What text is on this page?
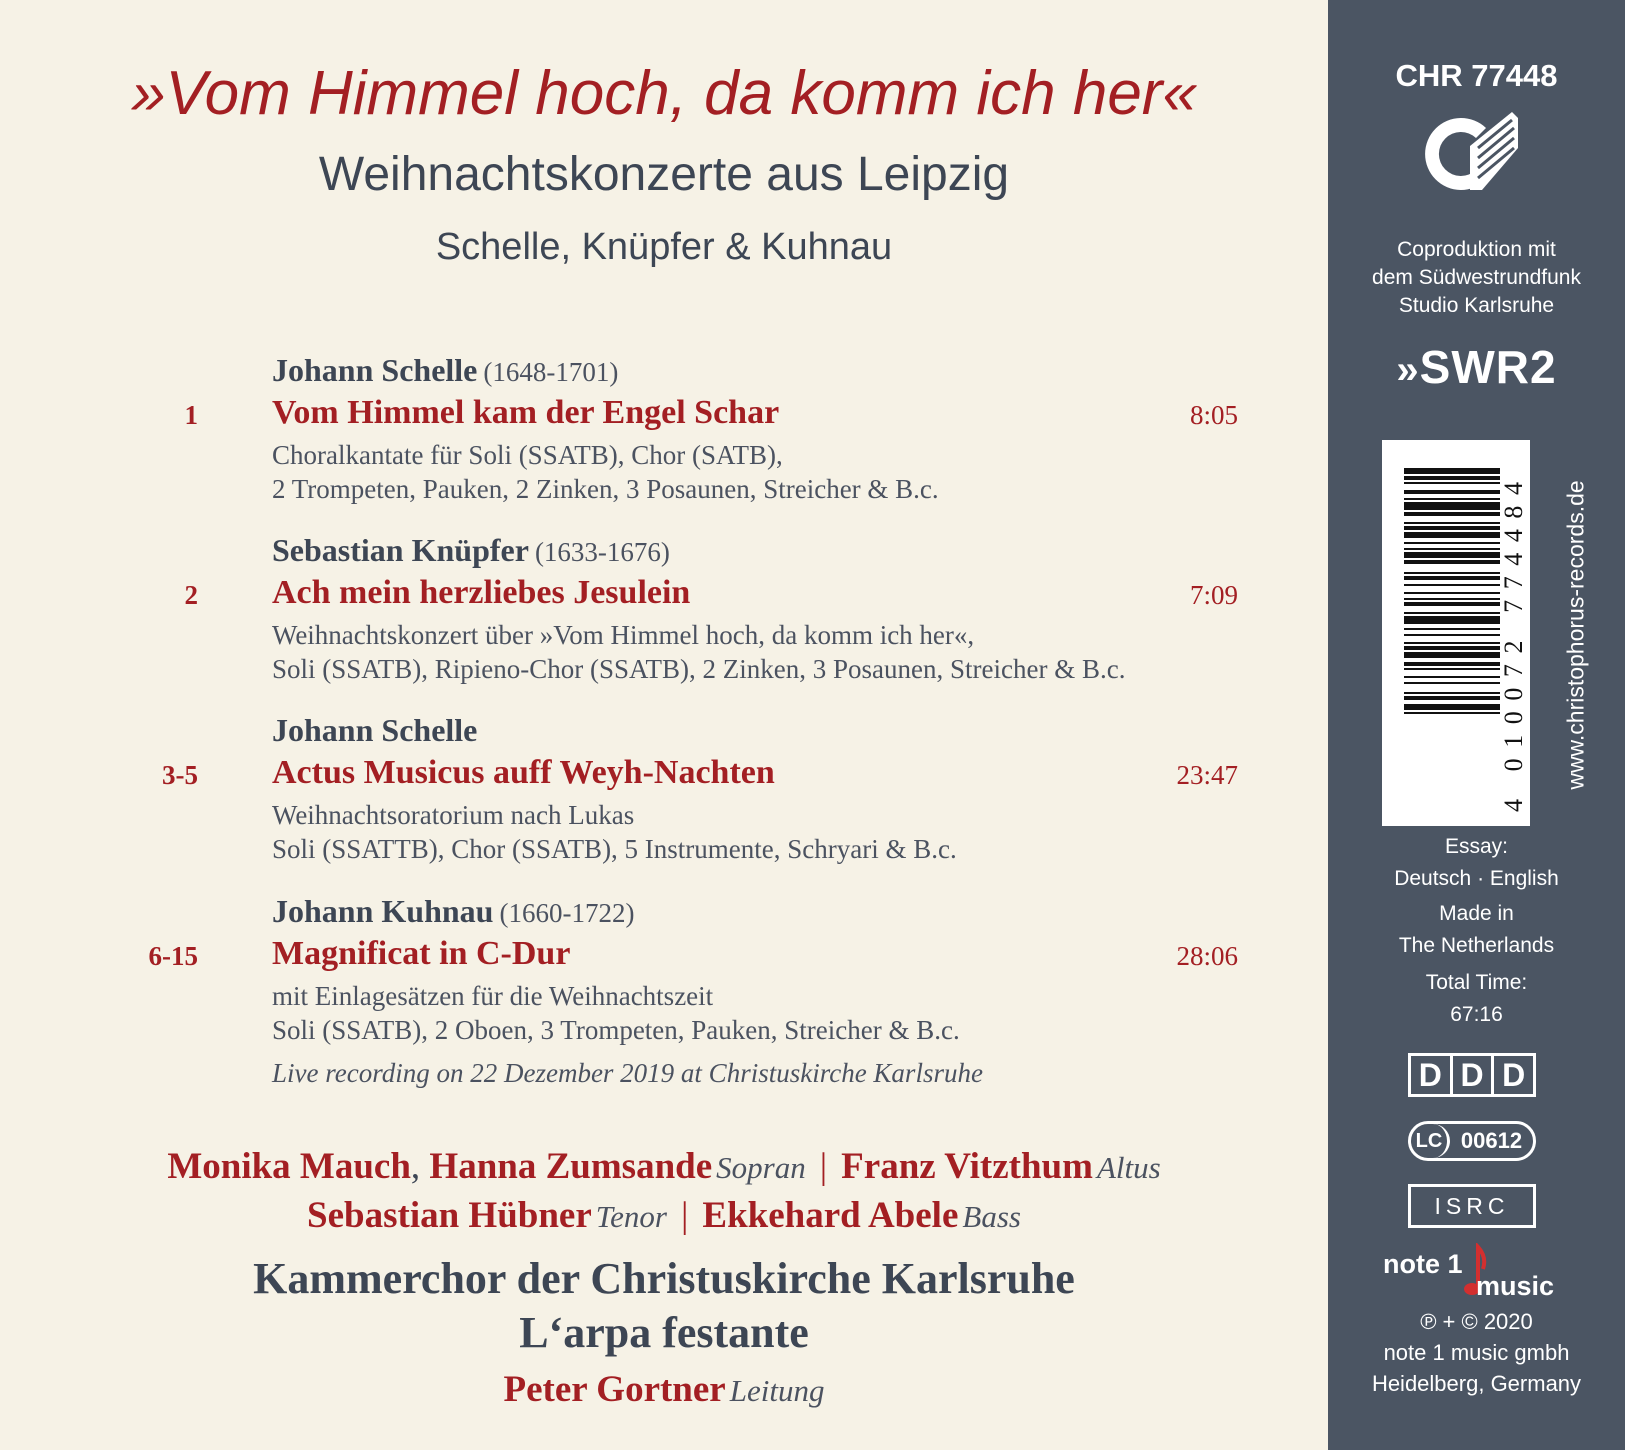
»Vom Himmel hoch, da komm ich her«
Weihnachtskonzerte aus Leipzig
Schelle, Knüpfer & Kuhnau
Johann Schelle (1648-1701)
1 Vom Himmel kam der Engel Schar	8:05
Choralkantate für Soli (SSATB), Chor (SATB),
2 Trompeten, Pauken, 2 Zinken, 3 Posaunen, Streicher & B.c.
Sebastian Knüpfer (1633-1676)
2 Ach mein herzliebes Jesulein	7:09
Weihnachtskonzert über »Vom Himmel hoch, da komm ich her«,
Soli (SSATB), Ripieno-Chor (SSATB), 2 Zinken, 3 Posaunen, Streicher & B.c.
Johann Schelle
3-5 Actus Musicus auff Weyh-Nachten	23:47
Weihnachtsoratorium nach Lukas
Soli (SSATTB), Chor (SSATB), 5 Instrumente, Schryari & B.c.
Johann Kuhnau (1660-1722)
6-15 Magnificat in C-Dur	28:06
mit Einlagesätzen für die Weihnachtszeit
Soli (SSATB), 2 Oboen, 3 Trompeten, Pauken, Streicher & B.c.
Live recording on 22 Dezember 2019 at Christuskirche Karlsruhe
Monika Mauch, Hanna Zumsande Sopran | Franz Vitzthum Altus
Sebastian Hübner Tenor | Ekkehard Abele Bass
Kammerchor der Christuskirche Karlsruhe
L‘arpa festante
Peter Gortner Leitung
CHR 77448
Coproduktion mit
dem Südwestrundfunk
Studio Karlsruhe
»SWR2
4 010072 774484 www.christophorus-records.de
Essay:
Deutsch · English
Made in
The Netherlands
Total Time:
67:16
D D D
LC 00612
ISRC
note 1
music
℗ + © 2020
note 1 music gmbh
Heidelberg, Germany
